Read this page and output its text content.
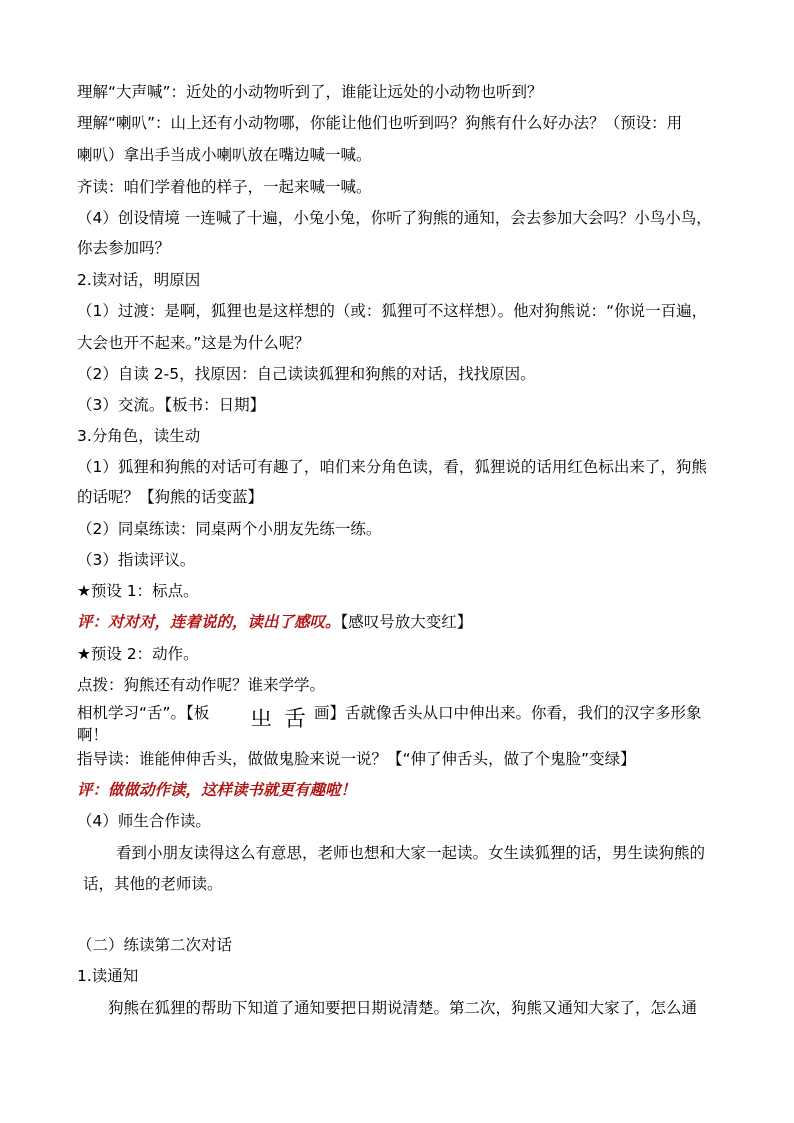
理解“大声喊”：近处的小动物听到了，谁能让远处的小动物也听到？
理解“喇叭”：山上还有小动物哪，你能让他们也听到吗？狗熊有什么好办法？（预设：用
喇叭）拿出手当成小喇叭放在嘴边喊一喊。
齐读：咱们学着他的样子，一起来喊一喊。
（4）创设情境 一连喊了十遍，小兔小兔，你听了狗熊的通知，会去参加大会吗？小鸟小鸟，
你去参加吗？
2.读对话，明原因
（1）过渡：是啊，狐狸也是这样想的（或：狐狸可不这样想）。他对狗熊说：“你说一百遍，
大会也开不起来。”这是为什么呢？
（2）自读 2-5，找原因：自己读读狐狸和狗熊的对话，找找原因。
（3）交流。【板书：日期】
3.分角色，读生动
（1）狐狸和狗熊的对话可有趣了，咱们来分角色读，看，狐狸说的话用红色标出来了，狗熊
的话呢？【狗熊的话变蓝】
（2）同桌练读：同桌两个小朋友先练一练。
（3）指读评议。
★预设 1：标点。
评：对对对，连着说的，读出了感叹。【感叹号放大变红】
★预设 2：动作。
点拨：狗熊还有动作呢？谁来学学。
相机学习“舌”。【板 㞢 舌 画】舌就像舌头从口中伸出来。你看，我们的汉字多形象
啊！
指导读：谁能伸伸舌头，做做鬼脸来说一说？【“伸了伸舌头，做了个鬼脸”变绿】
评：做做动作读，这样读书就更有趣啦！
（4）师生合作读。
看到小朋友读得这么有意思，老师也想和大家一起读。女生读狐狸的话，男生读狗熊的
话，其他的老师读。
（二）练读第二次对话
1.读通知
狗熊在狐狸的帮助下知道了通知要把日期说清楚。第二次，狗熊又通知大家了，怎么通
